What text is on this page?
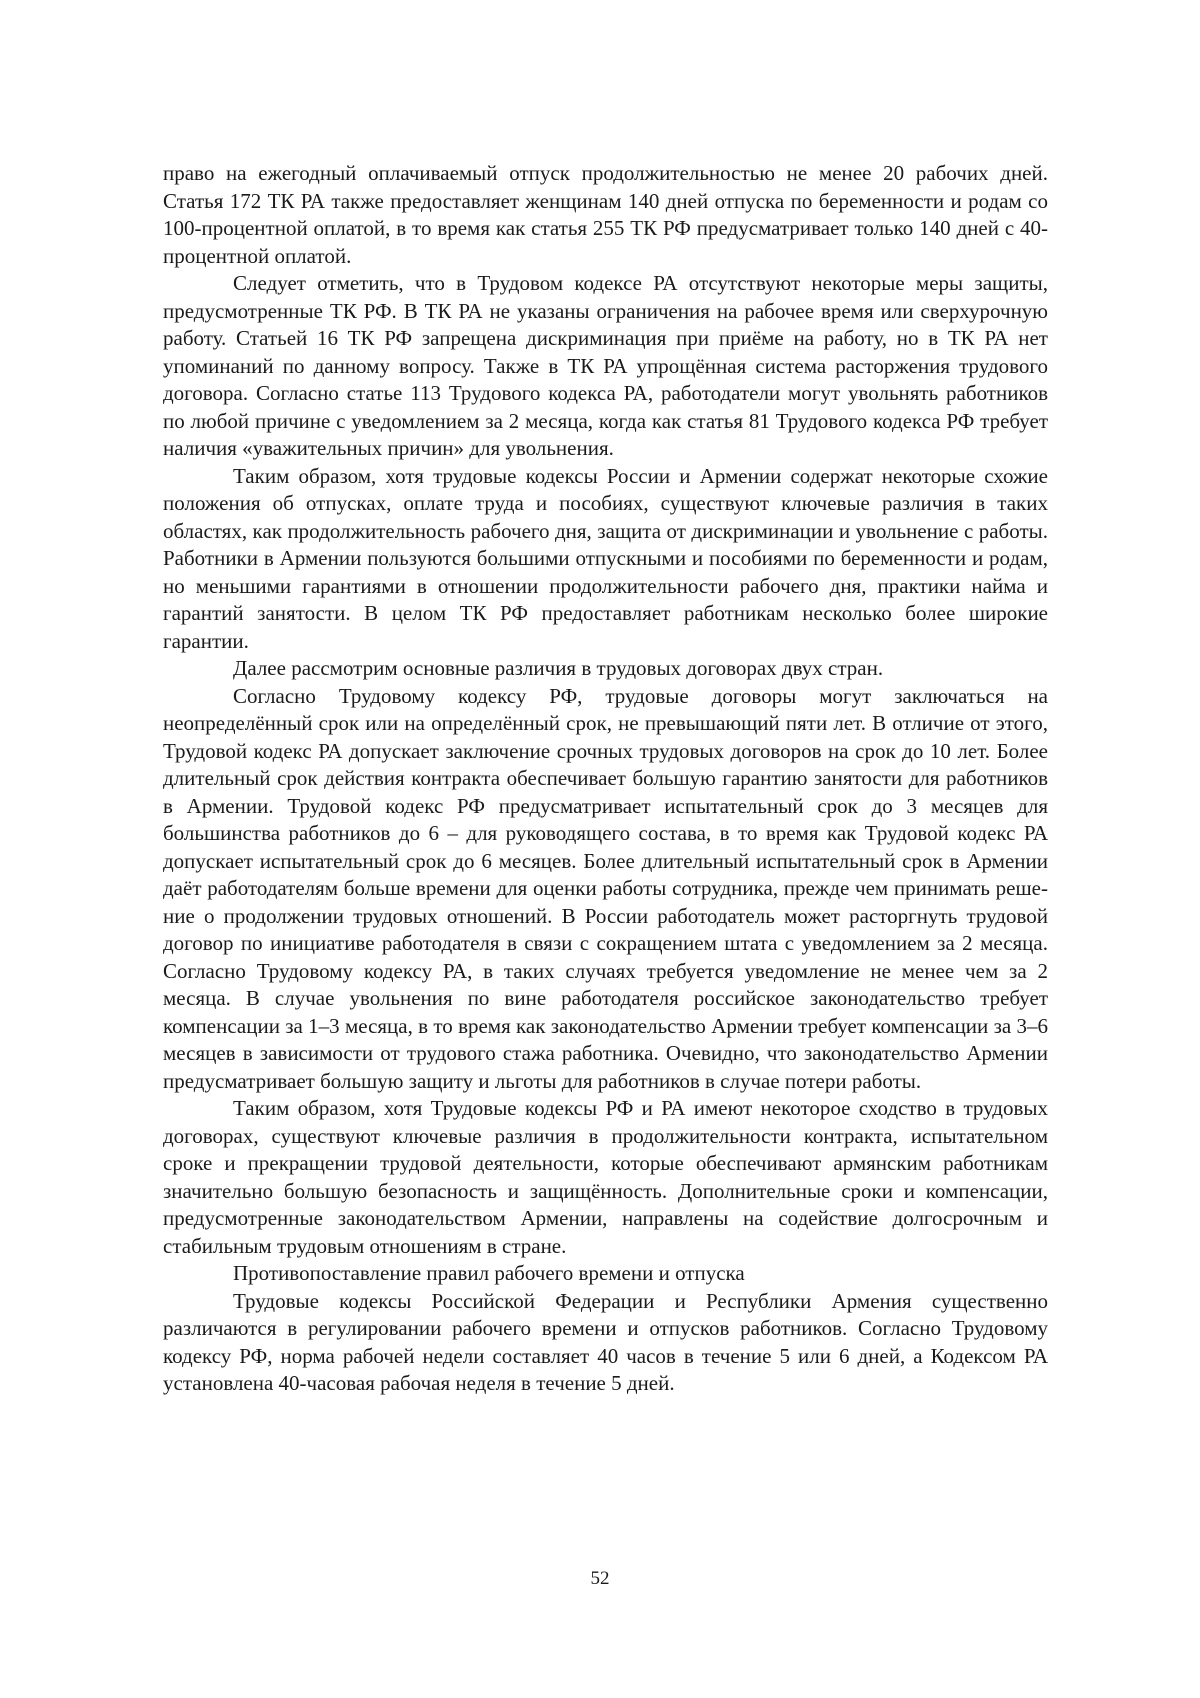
право на ежегодный оплачиваемый отпуск продолжительностью не менее 20 рабочих дней. Статья 172 ТК РА также предоставляет женщинам 140 дней отпуска по беременности и родам со 100-процентной оплатой, в то время как статья 255 ТК РФ предусматривает только 140 дней с 40-процентной оплатой.

Следует отметить, что в Трудовом кодексе РА отсутствуют некоторые меры защиты, предусмотренные ТК РФ. В ТК РА не указаны ограничения на рабочее время или сверхурочную работу. Статьей 16 ТК РФ запрещена дискриминация при приёме на работу, но в ТК РА нет упоминаний по данному вопросу. Также в ТК РА упрощённая система расторжения трудового договора. Согласно статье 113 Трудового кодекса РА, работодатели могут увольнять работников по любой причине с уведомлением за 2 месяца, когда как статья 81 Трудового кодекса РФ требует наличия «уважительных причин» для увольнения.

Таким образом, хотя трудовые кодексы России и Армении содержат некоторые схожие положения об отпусках, оплате труда и пособиях, существуют ключевые различия в таких областях, как продолжительность рабочего дня, защита от дискриминации и увольнение с работы. Работники в Армении пользуются большими отпускными и пособиями по беременности и родам, но меньшими гарантиями в отношении продолжительности рабочего дня, практики найма и гарантий занятости. В целом ТК РФ предоставляет работникам несколько более широкие гарантии.

Далее рассмотрим основные различия в трудовых договорах двух стран.

Согласно Трудовому кодексу РФ, трудовые договоры могут заключаться на неопределённый срок или на определённый срок, не превышающий пяти лет. В отличие от этого, Трудовой кодекс РА допускает заключение срочных трудовых договоров на срок до 10 лет. Более длительный срок действия контракта обеспечивает большую гарантию занятости для работников в Армении. Трудовой кодекс РФ предусматривает испытательный срок до 3 месяцев для большинства работников до 6 – для руководящего состава, в то время как Трудовой кодекс РА допускает испытательный срок до 6 месяцев. Более длительный испытательный срок в Армении даёт работодателям больше времени для оценки работы сотрудника, прежде чем принимать решение о продолжении трудовых отношений. В России работодатель может расторгнуть трудовой договор по инициативе работодателя в связи с сокращением штата с уведомлением за 2 месяца. Согласно Трудовому кодексу РА, в таких случаях требуется уведомление не менее чем за 2 месяца. В случае увольнения по вине работодателя российское законодательство требует компенсации за 1–3 месяца, в то время как законодательство Армении требует компенсации за 3–6 месяцев в зависимости от трудового стажа работника. Очевидно, что законодательство Армении предусматривает большую защиту и льготы для работников в случае потери работы.

Таким образом, хотя Трудовые кодексы РФ и РА имеют некоторое сходство в трудовых договорах, существуют ключевые различия в продолжительности контракта, испытательном сроке и прекращении трудовой деятельности, которые обеспечивают армянским работникам значительно большую безопасность и защищённость. Дополнительные сроки и компенсации, предусмотренные законодательством Армении, направлены на содействие долгосрочным и стабильным трудовым отношениям в стране.

Противопоставление правил рабочего времени и отпуска

Трудовые кодексы Российской Федерации и Республики Армения существенно различаются в регулировании рабочего времени и отпусков работников. Согласно Трудовому кодексу РФ, норма рабочей недели составляет 40 часов в течение 5 или 6 дней, а Кодексом РА установлена 40-часовая рабочая неделя в течение 5 дней.

52
